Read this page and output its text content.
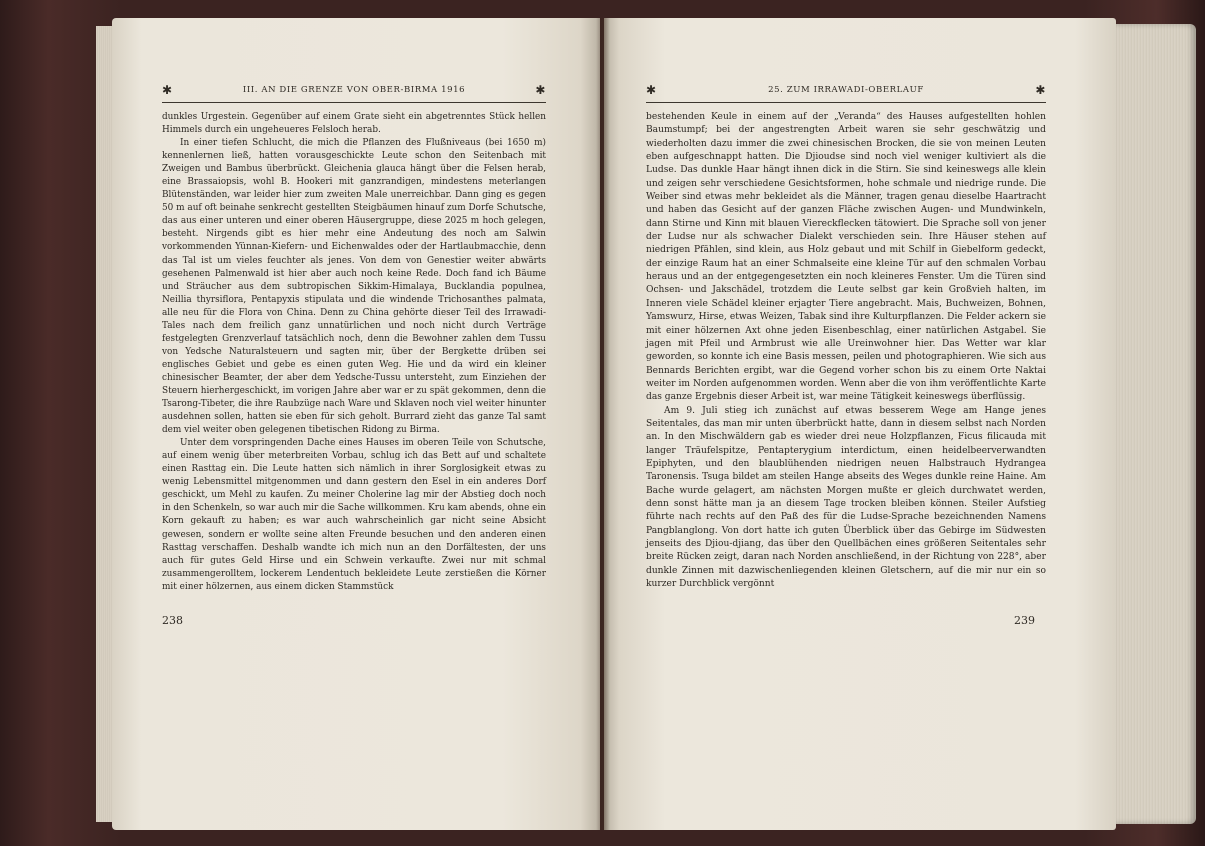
✱	III. AN DIE GRENZE VON OBER-BIRMA 1916	✱

dunkles Urgestein. Gegenüber auf einem Grate sieht ein abgetrenntes Stück hellen Himmels durch ein ungeheueres Felsloch herab.

In einer tiefen Schlucht, die mich die Pflanzen des Flußniveaus (bei 1650 m) kennenlernen ließ, hatten vorausgeschickte Leute schon den Seitenbach mit Zweigen und Bambus überbrückt. Gleichenia glauca hängt über die Felsen herab, eine Brassaiopsis, wohl B. Hookeri mit ganzrandigen, mindestens meterlangen Blütenständen, war leider hier zum zweiten Male unerreichbar. Dann ging es gegen 50 m auf oft beinahe senkrecht gestellten Steigbäumen hinauf zum Dorfe Schutsche, das aus einer unteren und einer oberen Häusergruppe, diese 2025 m hoch gelegen, besteht. Nirgends gibt es hier mehr eine Andeutung des noch am Salwin vorkommenden Yünnan-Kiefern- und Eichenwaldes oder der Hartlaubmacchie, denn das Tal ist um vieles feuchter als jenes. Von dem von Genestier weiter abwärts gesehenen Palmenwald ist hier aber auch noch keine Rede. Doch fand ich Bäume und Sträucher aus dem subtropischen Sikkim-Himalaya, Bucklandia populnea, Neillia thyrsiflora, Pentapyxis stipulata und die windende Trichosanthes palmata, alle neu für die Flora von China. Denn zu China gehörte dieser Teil des Irrawadi-Tales nach dem freilich ganz unnatürlichen und noch nicht durch Verträge festgelegten Grenzverlauf tatsächlich noch, denn die Bewohner zahlen dem Tussu von Yedsche Naturalsteuern und sagten mir, über der Bergkette drüben sei englisches Gebiet und gebe es einen guten Weg. Hie und da wird ein kleiner chinesischer Beamter, der aber dem Yedsche-Tussu untersteht, zum Einziehen der Steuern hierhergeschickt, im vorigen Jahre aber war er zu spät gekommen, denn die Tsarong-Tibeter, die ihre Raubzüge nach Ware und Sklaven noch viel weiter hinunter ausdehnen sollen, hatten sie eben für sich geholt. Burrard zieht das ganze Tal samt dem viel weiter oben gelegenen tibetischen Ridong zu Birma.

Unter dem vorspringenden Dache eines Hauses im oberen Teile von Schutsche, auf einem wenig über meterbreiten Vorbau, schlug ich das Bett auf und schaltete einen Rasttag ein. Die Leute hatten sich nämlich in ihrer Sorglosigkeit etwas zu wenig Lebensmittel mitgenommen und dann gestern den Esel in ein anderes Dorf geschickt, um Mehl zu kaufen. Zu meiner Cholerine lag mir der Abstieg doch noch in den Schenkeln, so war auch mir die Sache willkommen. Kru kam abends, ohne ein Korn gekauft zu haben; es war auch wahrscheinlich gar nicht seine Absicht gewesen, sondern er wollte seine alten Freunde besuchen und den anderen einen Rasttag verschaffen. Deshalb wandte ich mich nun an den Dorfältesten, der uns auch für gutes Geld Hirse und ein Schwein verkaufte. Zwei nur mit schmal zusammengerolltem, lockerem Lendentuch bekleidete Leute zerstießen die Körner mit einer hölzernen, aus einem dicken Stammstück

238
✱	25. ZUM IRRAWADI-OBERLAUF	✱

bestehenden Keule in einem auf der „Veranda“ des Hauses aufgestellten hohlen Baumstumpf; bei der angestrengten Arbeit waren sie sehr geschwätzig und wiederholten dazu immer die zwei chinesischen Brocken, die sie von meinen Leuten eben aufgeschnappt hatten. Die Djioudse sind noch viel weniger kultiviert als die Ludse. Das dunkle Haar hängt ihnen dick in die Stirn. Sie sind keineswegs alle klein und zeigen sehr verschiedene Gesichtsformen, hohe schmale und niedrige runde. Die Weiber sind etwas mehr bekleidet als die Männer, tragen genau dieselbe Haartracht und haben das Gesicht auf der ganzen Fläche zwischen Augen- und Mundwinkeln, dann Stirne und Kinn mit blauen Viereckflecken tätowiert. Die Sprache soll von jener der Ludse nur als schwacher Dialekt verschieden sein. Ihre Häuser stehen auf niedrigen Pfählen, sind klein, aus Holz gebaut und mit Schilf in Giebelform gedeckt, der einzige Raum hat an einer Schmalseite eine kleine Tür auf den schmalen Vorbau heraus und an der entgegengesetzten ein noch kleineres Fenster. Um die Türen sind Ochsen- und Jakschädel, trotzdem die Leute selbst gar kein Großvieh halten, im Inneren viele Schädel kleiner erjagter Tiere angebracht. Mais, Buchweizen, Bohnen, Yamswurz, Hirse, etwas Weizen, Tabak sind ihre Kulturpflanzen. Die Felder ackern sie mit einer hölzernen Axt ohne jeden Eisenbeschlag, einer natürlichen Astgabel. Sie jagen mit Pfeil und Armbrust wie alle Ureinwohner hier. Das Wetter war klar geworden, so konnte ich eine Basis messen, peilen und photographieren. Wie sich aus Bennards Berichten ergibt, war die Gegend vorher schon bis zu einem Orte Naktai weiter im Norden aufgenommen worden. Wenn aber die von ihm veröffentlichte Karte das ganze Ergebnis dieser Arbeit ist, war meine Tätigkeit keineswegs überflüssig.

Am 9. Juli stieg ich zunächst auf etwas besserem Wege am Hange jenes Seitentales, das man mir unten überbrückt hatte, dann in diesem selbst nach Norden an. In den Mischwäldern gab es wieder drei neue Holzpflanzen, Ficus filicauda mit langer Träufelspitze, Pentapterygium interdictum, einen heidelbeerverwandten Epiphyten, und den blaublühenden niedrigen neuen Halbstrauch Hydrangea Taronensis. Tsuga bildet am steilen Hange abseits des Weges dunkle reine Haine. Am Bache wurde gelagert, am nächsten Morgen mußte er gleich durchwatet werden, denn sonst hätte man ja an diesem Tage trocken bleiben können. Steiler Aufstieg führte nach rechts auf den Paß des für die Ludse-Sprache bezeichnenden Namens Pangblanglong. Von dort hatte ich guten Überblick über das Gebirge im Südwesten jenseits des Djiou-djiang, das über den Quellbächen eines größeren Seitentales sehr breite Rücken zeigt, daran nach Norden anschließend, in der Richtung von 228°, aber dunkle Zinnen mit dazwischenliegenden kleinen Gletschern, auf die mir nur ein so kurzer Durchblick vergönnt

239
